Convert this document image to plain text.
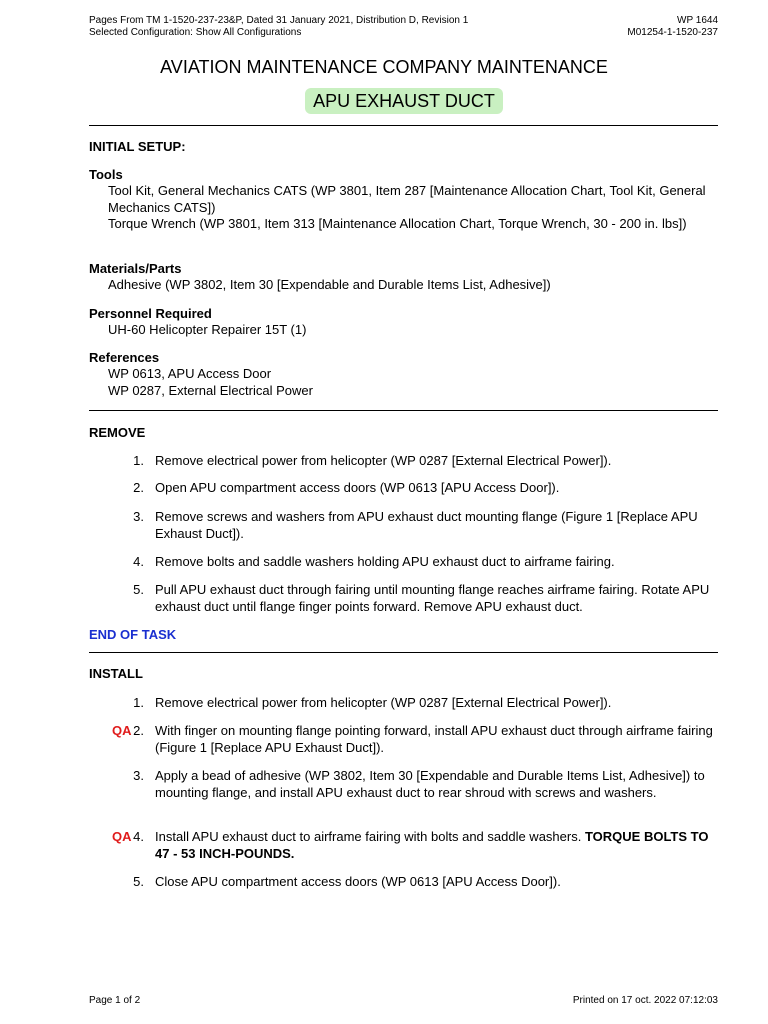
Pages From TM 1-1520-237-23&P, Dated 31 January 2021, Distribution D, Revision 1
Selected Configuration: Show All Configurations
WP 1644
M01254-1-1520-237
AVIATION MAINTENANCE COMPANY MAINTENANCE
APU EXHAUST DUCT
INITIAL SETUP:
Tools
Tool Kit, General Mechanics CATS (WP 3801, Item 287 [Maintenance Allocation Chart, Tool Kit, General Mechanics CATS])
Torque Wrench (WP 3801, Item 313 [Maintenance Allocation Chart, Torque Wrench, 30 - 200 in. lbs])
Materials/Parts
Adhesive (WP 3802, Item 30 [Expendable and Durable Items List, Adhesive])
Personnel Required
UH-60 Helicopter Repairer 15T (1)
References
WP 0613, APU Access Door
WP 0287, External Electrical Power
REMOVE
1. Remove electrical power from helicopter (WP 0287 [External Electrical Power]).
2. Open APU compartment access doors (WP 0613 [APU Access Door]).
3. Remove screws and washers from APU exhaust duct mounting flange (Figure 1 [Replace APU Exhaust Duct]).
4. Remove bolts and saddle washers holding APU exhaust duct to airframe fairing.
5. Pull APU exhaust duct through fairing until mounting flange reaches airframe fairing. Rotate APU exhaust duct until flange finger points forward. Remove APU exhaust duct.
END OF TASK
INSTALL
1. Remove electrical power from helicopter (WP 0287 [External Electrical Power]).
QA 2. With finger on mounting flange pointing forward, install APU exhaust duct through airframe fairing (Figure 1 [Replace APU Exhaust Duct]).
3. Apply a bead of adhesive (WP 3802, Item 30 [Expendable and Durable Items List, Adhesive]) to mounting flange, and install APU exhaust duct to rear shroud with screws and washers.
QA 4. Install APU exhaust duct to airframe fairing with bolts and saddle washers. TORQUE BOLTS TO 47 - 53 INCH-POUNDS.
5. Close APU compartment access doors (WP 0613 [APU Access Door]).
Page 1 of 2	Printed on 17 oct. 2022 07:12:03
